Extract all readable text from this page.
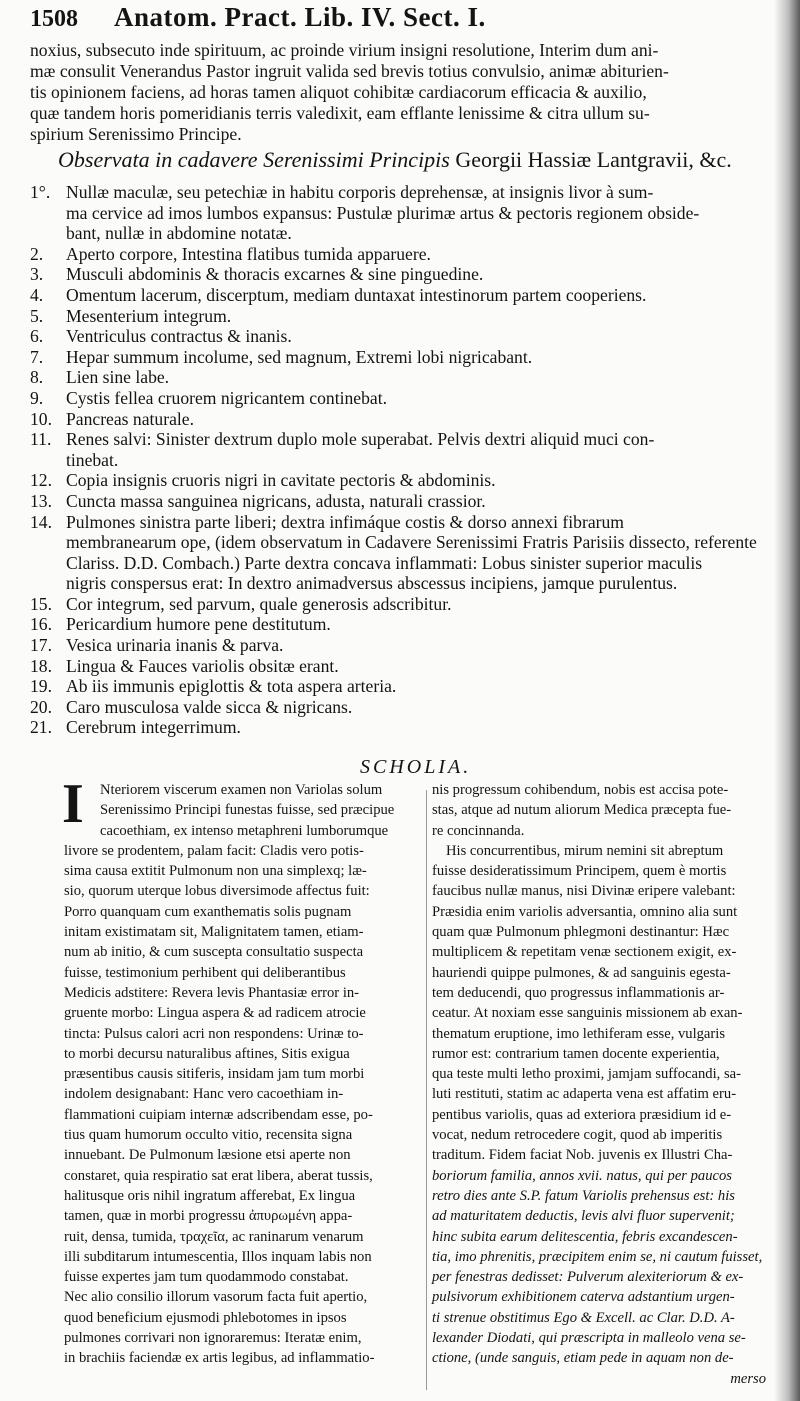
1508 Anatom. Pract. Lib. IV. Sect. I.
noxius, subsecuto inde spirituum, ac proinde virium insigni resolutione, Interim dum ani-
mæ consulit Venerandus Pastor ingruit valida sed brevis totius convulsio, animæ abiturien-
tis opinionem faciens, ad horas tamen aliquot cohibitæ cardiacorum efficacia & auxilio,
quæ tandem horis pomeridianis terris valedixit, eam efflante lenissime & citra ullum su-
spirium Serenissimo Principe.
Observata in cadavere Serenissimi Principis Georgii Hassiæ Lantgravii, &c.
1°. Nullæ maculæ, seu petechiæ in habitu corporis deprehensæ, at insignis livor à sum-
ma cervice ad imos lumbos expansus: Pustulæ plurimæ artus & pectoris regionem obside-
bant, nullæ in abdomine notatæ.
2. Aperto corpore, Intestina flatibus tumida apparuere.
3. Musculi abdominis & thoracis excarnes & sine pinguedine.
4. Omentum lacerum, discerptum, mediam duntaxat intestinorum partem cooperiens.
5. Mesenterium integrum.
6. Ventriculus contractus & inanis.
7. Hepar summum incolume, sed magnum, Extremi lobi nigricabant.
8. Lien sine labe.
9. Cystis fellea cruorem nigricantem continebat.
10. Pancreas naturale.
11. Renes salvi: Sinister dextrum duplo mole superabat. Pelvis dextri aliquid muci con-
tinebat.
12. Copia insignis cruoris nigri in cavitate pectoris & abdominis.
13. Cuncta massa sanguinea nigricans, adusta, naturali crassior.
14. Pulmones sinistra parte liberi; dextra infimáque costis & dorso annexi fibrarum
membranearum ope, (idem observatum in Cadavere Serenissimi Fratris Parisiis dissecto, referente
Clariss. D.D. Combach.) Parte dextra concava inflammati: Lobus sinister superior maculis
nigris conspersus erat: In dextro animadversus abscessus incipiens, jamque purulentus.
15. Cor integrum, sed parvum, quale generosis adscribitur.
16. Pericardium humore pene destitutum.
17. Vesica urinaria inanis & parva.
18. Lingua & Fauces variolis obsitæ erant.
19. Ab iis immunis epiglottis & tota aspera arteria.
20. Caro musculosa valde sicca & nigricans.
21. Cerebrum integerrimum.
SCHOLIA.
I Nteriorem viscerum examen non Variolas solum
Serenissimo Principi funestas fuisse, sed præcipue
cacoethiam, ex intenso metaphreni lumborumque
livore se prodentem, palam facit: Cladis vero potis-
sima causa extitit Pulmonum non una simplexq; læ-
sio, quorum uterque lobus diversimode affectus fuit:
Porro quanquam cum exanthematis solis pugnam
initam existimatam sit, Malignitatem tamen, etiam-
num ab initio, & cum suscepta consultatio suspecta
fuisse, testimonium perhibent qui deliberantibus
Medicis adstitere: Revera levis Phantasiæ error in-
gruente morbo: Lingua aspera & ad radicem atrocie
tincta: Pulsus calori acri non respondens: Urinæ to-
to morbi decursu naturalibus aftines, Sitis exigua
præsentibus causis sitiferis, insidam jam tum morbi
indolem designabant: Hanc vero cacoethiam in-
flammationi cuipiam internæ adscribendam esse, po-
tius quam humorum occulto vitio, recensita signa
innuebant. De Pulmonum læsione etsi aperte non
constaret, quia respiratio sat erat libera, aberat tussis,
halitusque oris nihil ingratum afferebat, Ex lingua
tamen, quæ in morbi progressu ἀπυρωμένη appa-
ruit, densa, tumida, τραχεῖα, ac raninarum venarum
illi subditarum intumescentia, Illos inquam labis non
fuisse expertes jam tum quodammodo constabat.
Nec alio consilio illorum vasorum facta fuit apertio,
quod beneficium ejusmodi phlebotomes in ipsos
pulmones corrivari non ignoraremus: Iteratæ enim,
in brachiis faciendæ ex artis legibus, ad inflammatio-
nis progressum cohibendum, nobis est accisa pote-
stas, atque ad nutum aliorum Medica præcepta fue-
re concinnanda.
His concurrentibus, mirum nemini sit abreptum
fuisse desideratissimum Principem, quem è mortis
faucibus nullæ manus, nisi Divinæ eripere valebant:
Præsidia enim variolis adversantia, omnino alia sunt
quam quæ Pulmonum phlegmoni destinantur: Hæc
multiplicem & repetitam venæ sectionem exigit, ex-
hauriendi quippe pulmones, & ad sanguinis egesta-
tem deducendi, quo progressus inflammationis ar-
ceatur. At noxiam esse sanguinis missionem ab exan-
thematum eruptione, imo lethiferam esse, vulgaris
rumor est: contrarium tamen docente experientia,
qua teste multi letho proximi, jamjam suffocandi, sa-
luti restituti, statim ac adaperta vena est affatim eru-
pentibus variolis, quas ad exteriora præsidium id e-
vocat, nedum retrocedere cogit, quod ab imperitis
traditum. Fidem faciat Nob. juvenis ex Illustri Cha-
boriorum familia, annos xvii. natus, qui per paucos
retro dies ante S.P. fatum Variolis prehensus est: his
ad maturitatem deductis, levis alvi fluor supervenit;
hinc subita earum delitescentia, febris excandescen-
tia, imo phrenitis, præcipitem enim se, ni cautum fuisset,
per fenestras dedisset: Pulverum alexiteriorum & ex-
pulsivorum exhibitionem caterva adstantium urgen-
ti strenue obstitimus Ego & Excell. ac Clar. D.D. A-
lexander Diodati, qui præscripta in malleolo vena se-
ctione, (unde sanguis, etiam pede in aquam non de-
merso
